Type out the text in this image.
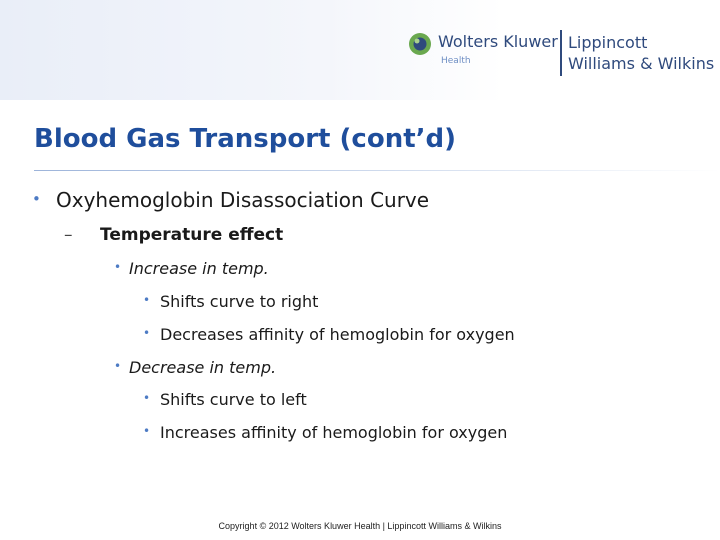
Wolters Kluwer
Health
Lippincott
Williams & Wilkins
Blood Gas Transport (cont’d)
• Oxyhemoglobin Disassociation Curve
– Temperature effect
• Increase in temp.
• Shifts curve to right
• Decreases affinity of hemoglobin for oxygen
• Decrease in temp.
• Shifts curve to left
• Increases affinity of hemoglobin for oxygen
Copyright © 2012 Wolters Kluwer Health | Lippincott Williams & Wilkins
